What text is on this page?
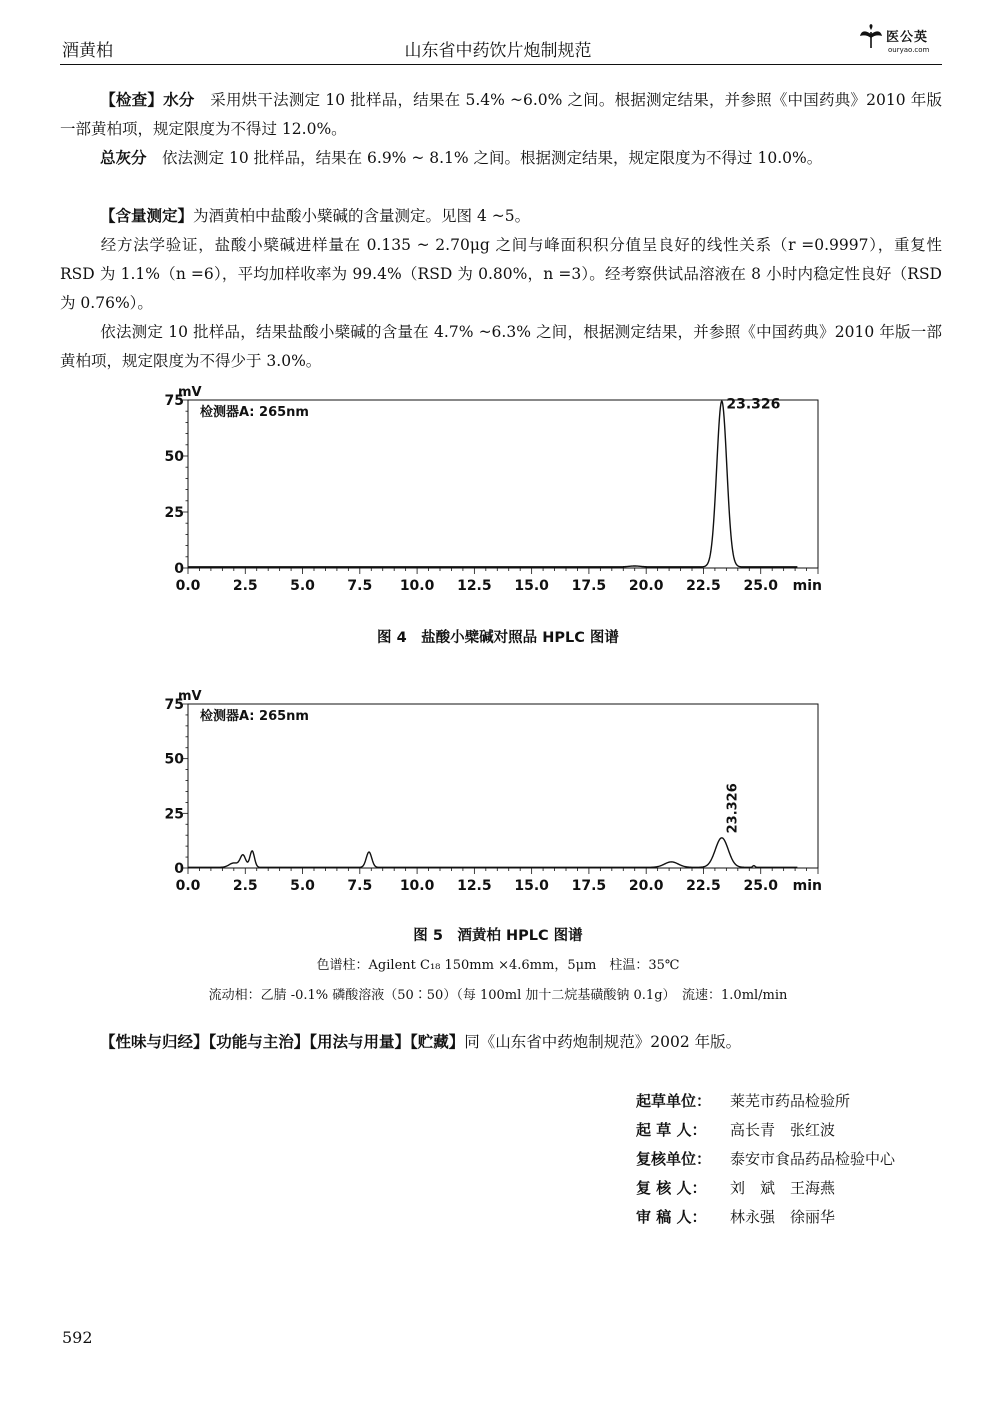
酒黄柏	山东省中药饮片炮制规范
医公英
ouryao.com
【检查】水分　 采用烘干法测定 10 批样品，结果在 5.4% ~6.0% 之间。根据测定结果，并参照《中国药典》2010 年版一部黄柏项，规定限度为不得过 12.0%。
总灰分　 依法测定 10 批样品，结果在 6.9% ~ 8.1% 之间。根据测定结果，规定限度为不得过 10.0%。
【含量测定】为酒黄柏中盐酸小檗碱的含量测定。见图 4 ~5。
经方法学验证，盐酸小檗碱进样量在 0.135 ~ 2.70μg 之间与峰面积积分值呈良好的线性关系（r =0.9997），重复性 RSD 为 1.1%（n =6），平均加样收率为 99.4%（RSD 为 0.80%，n =3）。经考察供试品溶液在 8 小时内稳定性良好（RSD 为 0.76%）。
依法测定 10 批样品，结果盐酸小檗碱的含量在 4.7% ~6.3% 之间，根据测定结果，并参照《中国药典》2010 年版一部黄柏项，规定限度为不得少于 3.0%。
0.0 2.5 5.0 7.5 10.0 12.5 15.0 17.5 20.0 22.5 25.0 min
0
25
50
75
mV
检测器A: 265nm	23.326
图 4　盐酸小檗碱对照品 HPLC 图谱
0.0 2.5 5.0 7.5 10.0 12.5 15.0 17.5 20.0 22.5 25.0 min
0
25
50
75
mV
检测器A: 265nm
23.326
图 5　酒黄柏 HPLC 图谱
色谱柱：Agilent C₁₈ 150mm ×4.6mm，5μm　柱温：35℃
流动相：乙腈 -0.1% 磷酸溶液（50∶50）（每 100ml 加十二烷基磺酸钠 0.1g）　流速：1.0ml/min
【性味与归经】【功能与主治】【用法与用量】【贮藏】同《山东省中药炮制规范》2002 年版。
起草单位： 莱芜市药品检验所
起 草 人： 高长青　张红波
复核单位： 泰安市食品药品检验中心
复 核 人： 刘　斌　王海燕
审 稿 人： 林永强　徐丽华
592
